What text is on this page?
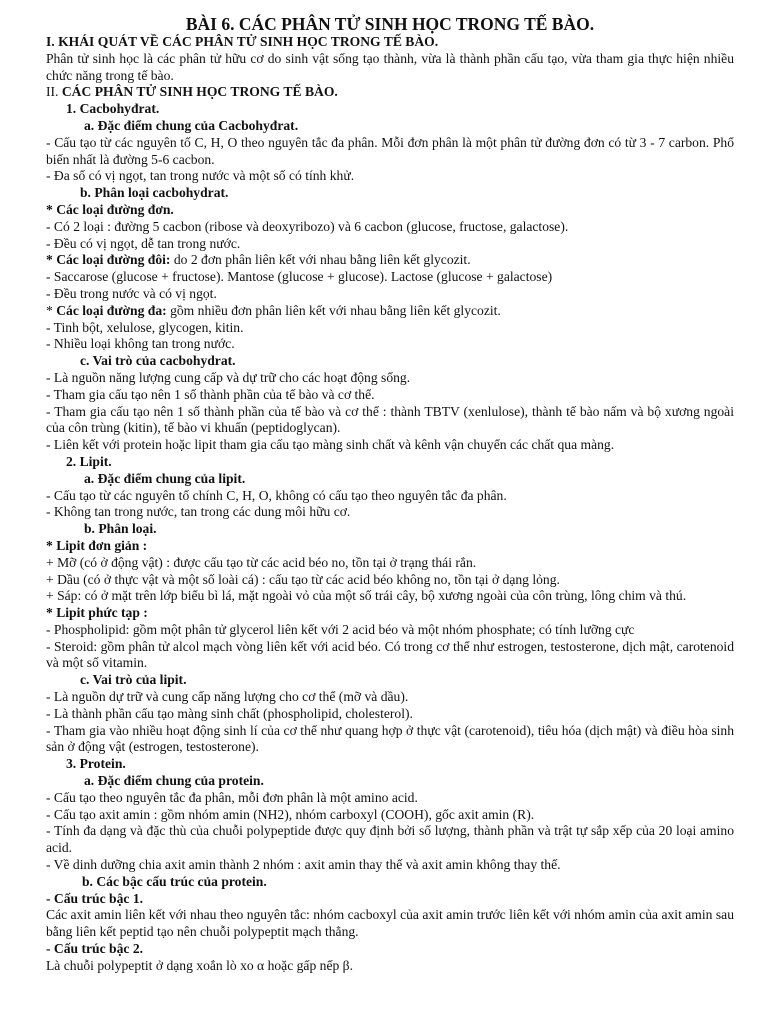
BÀI 6. CÁC PHÂN TỬ SINH HỌC TRONG TẾ BÀO.
I. KHÁI QUÁT VỀ CÁC PHÂN TỬ SINH HỌC TRONG TẾ BÀO.

Phân tử sinh học là các phân tử hữu cơ do sinh vật sống tạo thành, vừa là thành phần cấu tạo, vừa tham gia thực hiện nhiều chức năng trong tế bào.

II. CÁC PHÂN TỬ SINH HỌC TRONG TẾ BÀO.
1. Cacbohyđrat.
a. Đặc điểm chung của Cacbohyđrat.

- Cấu tạo từ các nguyên tố C, H, O theo nguyên tắc đa phân. Mỗi đơn phân là một phân tử đường đơn có từ 3 - 7 carbon. Phổ biến nhất là đường 5-6 cacbon.

- Đa số có vị ngọt, tan trong nước và một số có tính khử.

b. Phân loại cacbohydrat.
* Các loại đường đơn.

- Có 2 loại : đường 5 cacbon (ribose và deoxyribozo) và 6 cacbon (glucose, fructose, galactose).

- Đều có vị ngọt, dễ tan trong nước.

* Các loại đường đôi: do 2 đơn phân liên kết với nhau bằng liên kết glycozit.

- Saccarose (glucose + fructose). Mantose (glucose + glucose). Lactose (glucose + galactose)

- Đều trong nước và có vị ngọt.

* Các loại đường đa: gồm nhiều đơn phân liên kết với nhau bằng liên kết glycozit.

- Tinh bột, xelulose, glycogen, kitin.

- Nhiều loại không tan trong nước.

c. Vai trò của cacbohydrat.

- Là nguồn năng lượng cung cấp và dự trữ cho các hoạt động sống.

- Tham gia cấu tạo nên 1 số thành phần của tế bào và cơ thể.

- Tham gia cấu tạo nên 1 số thành phần của tế bào và cơ thể : thành TBTV (xenlulose), thành tế bào nấm và bộ xương ngoài của côn trùng (kitin), tế bào vi khuẩn (peptidoglycan).

- Liên kết với protein hoặc lipit tham gia cấu tạo màng sinh chất và kênh vận chuyển các chất qua màng.

2. Lipit.
a. Đặc điểm chung của lipit.

- Cấu tạo từ các nguyên tố chính C, H, O, không có cấu tạo theo nguyên tắc đa phân.

- Không tan trong nước, tan trong các dung môi hữu cơ.

b. Phân loại.
* Lipit đơn giản :

+ Mỡ (có ở động vật) : được cấu tạo từ các acid béo no, tồn tại ở trạng thái rắn.

+ Dầu (có ở thực vật và một số loài cá) : cấu tạo từ các acid béo không no, tồn tại ở dạng lỏng.

+ Sáp: có ở mặt trên lớp biểu bì lá, mặt ngoài vỏ của một số trái cây, bộ xương ngoài của côn trùng, lông chim và thú.

* Lipit phức tạp :

- Phospholipid: gồm một phân tử glycerol liên kết với 2 acid béo và một nhóm phosphate; có tính lưỡng cực

- Steroid: gồm phân tử alcol mạch vòng liên kết với acid béo. Có trong cơ thể như estrogen, testosterone, dịch mật, carotenoid và một số vitamin.

c. Vai trò của lipit.

- Là nguồn dự trữ và cung cấp năng lượng cho cơ thể (mỡ và dầu).

- Là thành phần cấu tạo màng sinh chất (phospholipid, cholesterol).

- Tham gia vào nhiều hoạt động sinh lí của cơ thể như quang hợp ở thực vật (carotenoid), tiêu hóa (dịch mật) và điều hòa sinh sản ở động vật (estrogen, testosterone).

3. Protein.
a. Đặc điểm chung của protein.

- Cấu tạo theo nguyên tắc đa phân, mỗi đơn phân là một amino acid.

- Cấu tạo axit amin : gồm nhóm amin (NH2), nhóm carboxyl (COOH), gốc axit amin (R).

- Tính đa dạng và đặc thù của chuỗi polypeptide được quy định bởi số lượng, thành phần và trật tự sắp xếp của 20 loại amino acid.

- Về dinh dưỡng chia axit amin thành 2 nhóm : axit amin thay thế và axit amin không thay thế.

b. Các bậc cấu trúc của protein.
- Cấu trúc bậc 1.

Các axit amin liên kết với nhau theo nguyên tắc: nhóm cacboxyl của axit amin trước liên kết với nhóm amin của axit amin sau bằng liên kết peptid tạo nên chuỗi polypeptit mạch thẳng.

- Cấu trúc bậc 2.

Là chuỗi polypeptit ở dạng xoắn lò xo α hoặc gấp nếp β.
